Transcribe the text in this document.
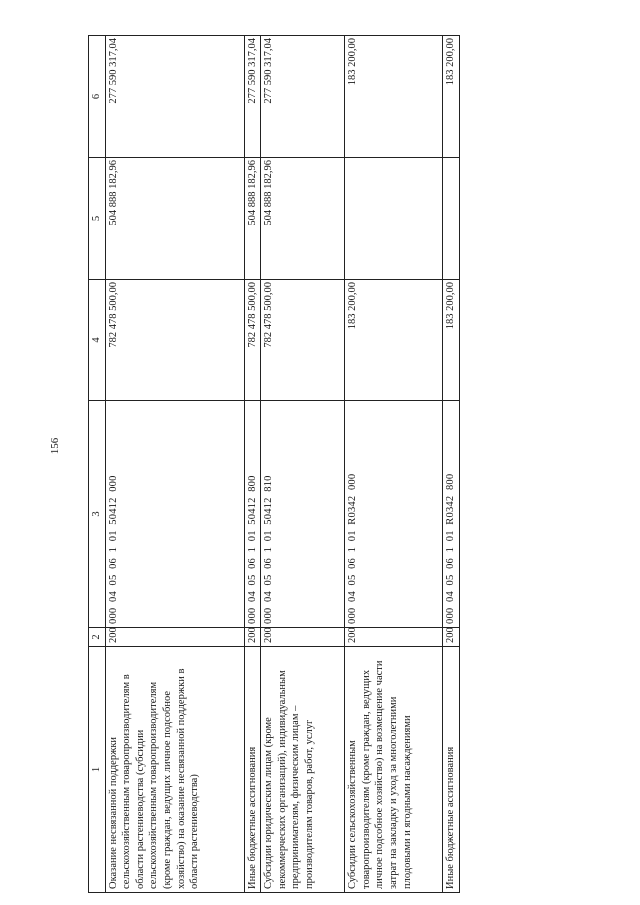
156
1	2	3	4	5	6
Оказание несвязанной поддержки сельскохозяйственным товаропроизводителям в области растениеводства (субсидии сельскохозяйственным товаропроизводителям (кроме граждан, ведущих личное подсобное хозяйство) на оказание несвязанной поддержки в области растениеводства)	200	000  04  05  06  1  01  50412  000	782 478 500,00	504 888 182,96	277 590 317,04
Иные бюджетные ассигнования	200	000  04  05  06  1  01  50412  800	782 478 500,00	504 888 182,96	277 590 317,04
Субсидии юридическим лицам (кроме некоммерческих организаций), индивидуальным предпринимателям, физическим лицам – производителям товаров, работ, услуг	200	000  04  05  06  1  01  50412  810	782 478 500,00	504 888 182,96	277 590 317,04
Субсидии сельскохозяйственным товаропроизводителям (кроме граждан, ведущих личное подсобное хозяйство) на возмещение части затрат на закладку и уход за многолетними плодовыми и ягодными насаждениями	200	000  04  05  06  1  01  R0342  000	183 200,00		183 200,00
Иные бюджетные ассигнования	200	000  04  05  06  1  01  R0342  800	183 200,00		183 200,00
